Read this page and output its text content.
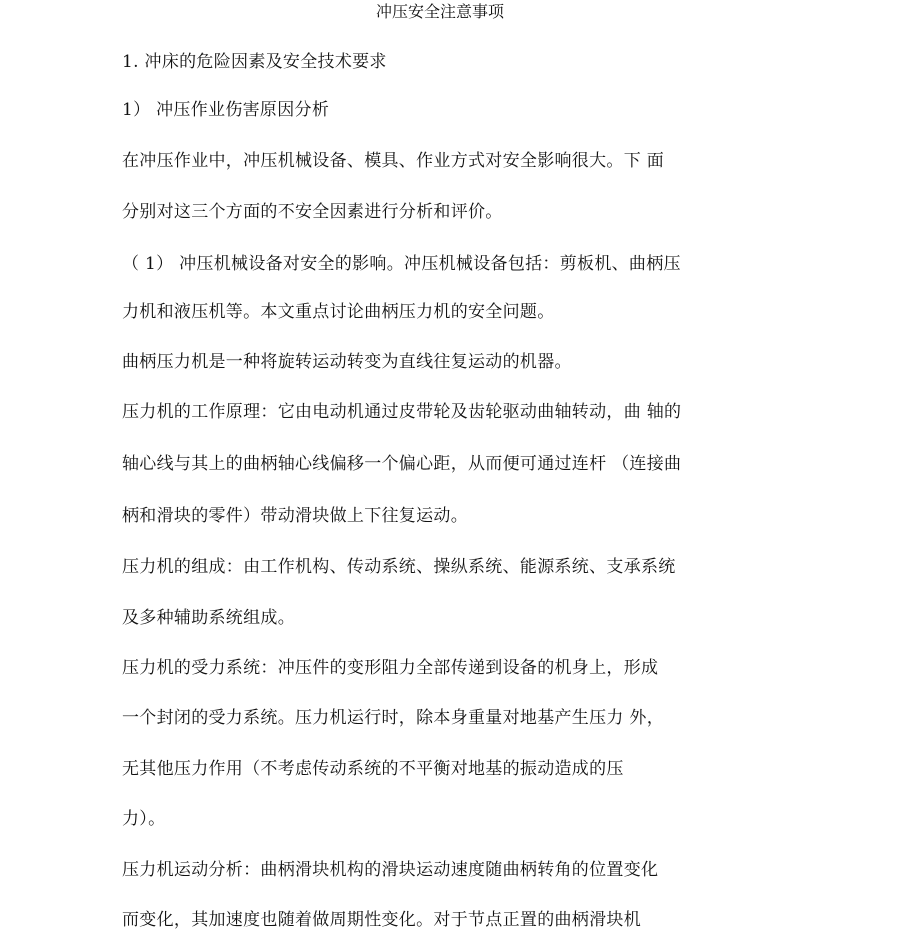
冲压安全注意事项
1. 冲床的危险因素及安全技术要求
1） 冲压作业伤害原因分析
在冲压作业中，冲压机械设备、模具、作业方式对安全影响很大。下 面
分别对这三个方面的不安全因素进行分析和评价。
（ 1） 冲压机械设备对安全的影响。冲压机械设备包括：剪板机、曲柄压
力机和液压机等。本文重点讨论曲柄压力机的安全问题。
曲柄压力机是一种将旋转运动转变为直线往复运动的机器。
压力机的工作原理：它由电动机通过皮带轮及齿轮驱动曲轴转动，曲 轴的
轴心线与其上的曲柄轴心线偏移一个偏心距，从而便可通过连杆 （连接曲
柄和滑块的零件）带动滑块做上下往复运动。
压力机的组成：由工作机构、传动系统、操纵系统、能源系统、支承系统
及多种辅助系统组成。
压力机的受力系统：冲压件的变形阻力全部传递到设备的机身上，形成
一个封闭的受力系统。压力机运行时，除本身重量对地基产生压力 外，
无其他压力作用（不考虑传动系统的不平衡对地基的振动造成的压
力）。
压力机运动分析：曲柄滑块机构的滑块运动速度随曲柄转角的位置变化
而变化，其加速度也随着做周期性变化。对于节点正置的曲柄滑块机
